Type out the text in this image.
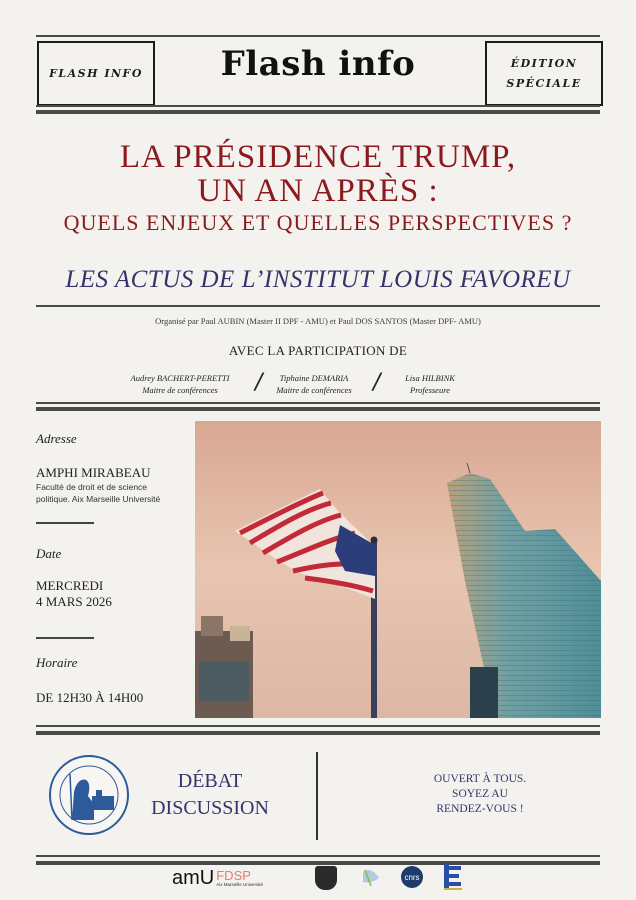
FLASH INFO	Flash info	ÉDITION
SPÉCIALE
LA PRÉSIDENCE TRUMP,
UN AN APRÈS :
QUELS ENJEUX ET QUELLES PERSPECTIVES ?
LES ACTUS DE L’INSTITUT LOUIS FAVOREU
Organisé par Paul AUBIN (Master II DPF - AMU) et Paul DOS SANTOS (Master DPF- AMU)
AVEC LA PARTICIPATION DE
Audrey BACHERT-PERETTI
Maitre de conférences	/	Tiphaine DEMARIA
Maitre de conférences /	Lisa HILBINK
Professeure
Adresse
AMPHI MIRABEAU
Faculté de droit et de science
politique. Aix Marseille Université
Date
MERCREDI
4 MARS 2026
Horaire
DE 12H30 À 14H00
DÉBAT
DISCUSSION
OUVERT À TOUS.
SOYEZ AU
RENDEZ-VOUS !
amU FDSP
Aix Marseille Université
cnrs
